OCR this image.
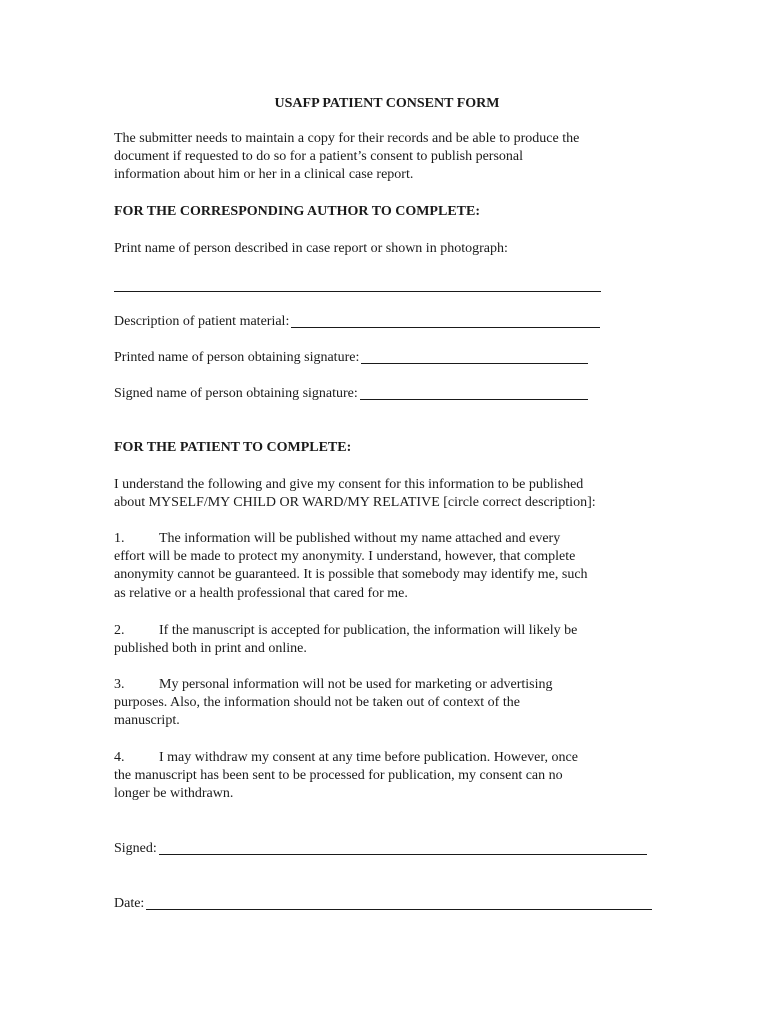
USAFP PATIENT CONSENT FORM
The submitter needs to maintain a copy for their records and be able to produce the
document if requested to do so for a patient’s consent to publish personal
information about him or her in a clinical case report.
FOR THE CORRESPONDING AUTHOR TO COMPLETE:
Print name of person described in case report or shown in photograph:
Description of patient material:
Printed name of person obtaining signature:
Signed name of person obtaining signature:
FOR THE PATIENT TO COMPLETE:
I understand the following and give my consent for this information to be published
about MYSELF/MY CHILD OR WARD/MY RELATIVE [circle correct description]:
1. The information will be published without my name attached and every
effort will be made to protect my anonymity. I understand, however, that complete
anonymity cannot be guaranteed. It is possible that somebody may identify me, such
as relative or a health professional that cared for me.
2. If the manuscript is accepted for publication, the information will likely be
published both in print and online.
3. My personal information will not be used for marketing or advertising
purposes. Also, the information should not be taken out of context of the
manuscript.
4. I may withdraw my consent at any time before publication. However, once
the manuscript has been sent to be processed for publication, my consent can no
longer be withdrawn.
Signed:
Date:
